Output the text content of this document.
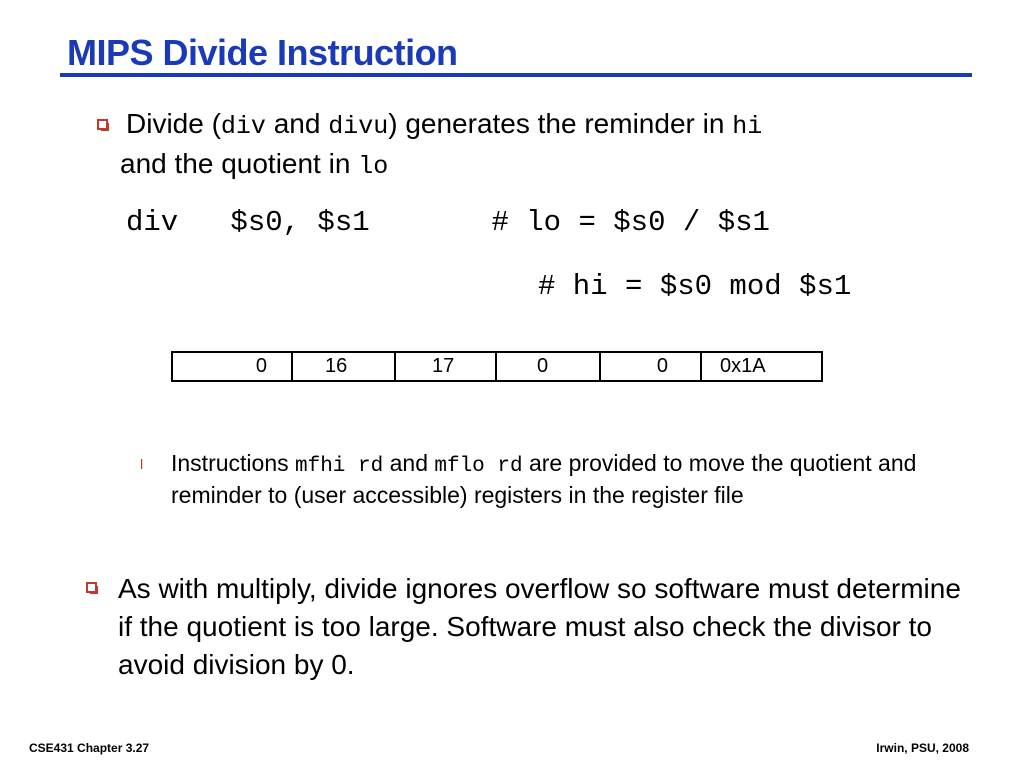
MIPS Divide Instruction
Divide (div and divu) generates the reminder in hi
and the quotient in lo
div   $s0, $s1       # lo = $s0 / $s1
# hi = $s0 mod $s1
0	16	17	0	0	0x1A
l Instructions mfhi rd and mflo rd are provided to move the quotient and reminder to (user accessible) registers in the register file
As with multiply, divide ignores overflow so software must determine if the quotient is too large. Software must also check the divisor to avoid division by 0.
CSE431 Chapter 3.27	Irwin, PSU, 2008
